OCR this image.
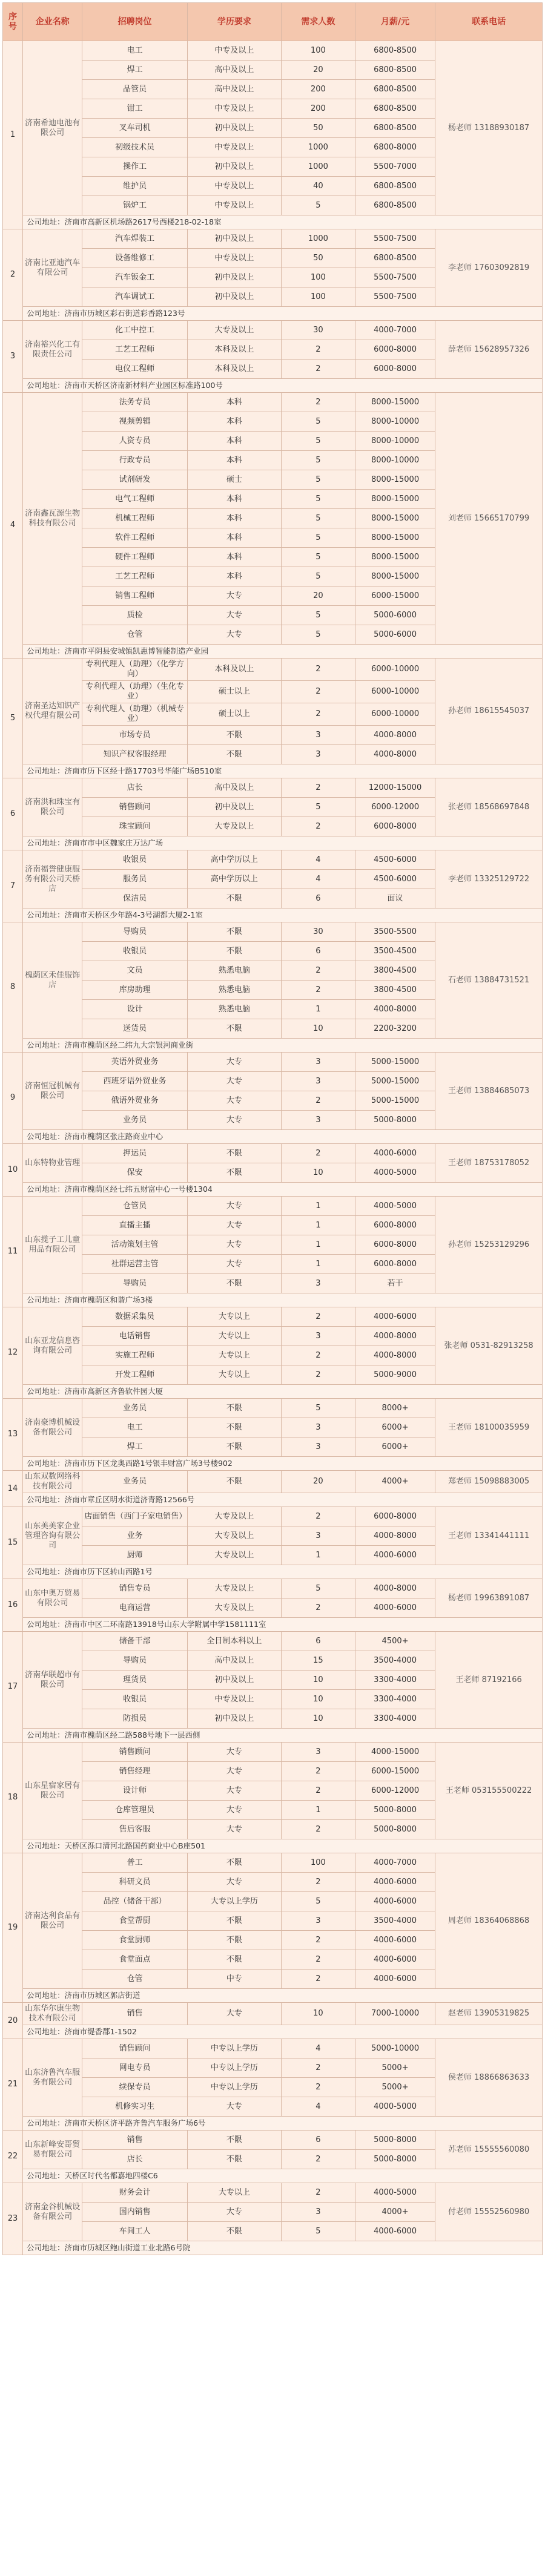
序号	企业名称	招聘岗位	学历要求	需求人数	月薪/元	联系电话
1	济南希迪电池有限公司	电工	中专及以上	100	6800-8500	杨老师 13188930187
		焊工	高中及以上	20	6800-8500	
		品管员	高中及以上	200	6800-8500	
		钳工	中专及以上	200	6800-8500	
		叉车司机	初中及以上	50	6800-8500	
		初级技术员	中专及以上	1000	6800-8000	
		操作工	初中及以上	1000	5500-7000	
		维护员	中专及以上	40	6800-8500	
		锅炉工	中专及以上	5	6800-8500	
	公司地址：济南市高新区机场路2617号西楼218-02-18室					
2	济南比亚迪汽车有限公司	汽车焊装工	初中及以上	1000	5500-7500	李老师 17603092819
		设备维修工	中专及以上	50	6800-8500	
		汽车钣金工	初中及以上	100	5500-7500	
		汽车调试工	初中及以上	100	5500-7500	
	公司地址：济南市历城区彩石街道彩香路123号					
3	济南裕兴化工有限责任公司	化工中控工	大专及以上	30	4000-7000	薛老师 15628957326
		工艺工程师	本科及以上	2	6000-8000	
		电仪工程师	本科及以上	2	6000-8000	
	公司地址：济南市天桥区济南新材料产业园区标准路100号					
4	济南鑫瓦源生物科技有限公司	法务专员	本科	2	8000-15000	刘老师 15665170799
		视频剪辑	本科	5	8000-10000	
		人资专员	本科	5	8000-10000	
		行政专员	本科	5	8000-10000	
		试剂研发	硕士	5	8000-15000	
		电气工程师	本科	5	8000-15000	
		机械工程师	本科	5	8000-15000	
		软件工程师	本科	5	8000-15000	
		硬件工程师	本科	5	8000-15000	
		工艺工程师	本科	5	8000-15000	
		销售工程师	大专	20	6000-15000	
		质检	大专	5	5000-6000	
		仓管	大专	5	5000-6000	
	公司地址：济南市平阴县安城镇凯惠博智能制造产业园					
5	济南圣达知识产权代理有限公司	专利代理人（助理）（化学方向）	本科及以上	2	6000-10000	孙老师 18615545037
		专利代理人（助理）（生化专业）	硕士以上	2	6000-10000	
		专利代理人（助理）（机械专业）	硕士以上	2	6000-10000	
		市场专员	不限	3	4000-8000	
		知识产权客服经理	不限	3	4000-8000	
	公司地址：济南市历下区经十路17703号华能广场B510室					
6	济南洪和珠宝有限公司	店长	高中及以上	2	12000-15000	张老师 18568697848
		销售顾问	初中及以上	5	6000-12000	
		珠宝顾问	大专及以上	2	6000-8000	
	公司地址：济南市市中区魏家庄万达广场					
7	济南福誉健康服务有限公司天桥店	收银员	高中学历以上	4	4500-6000	李老师 13325129722
		服务员	高中学历以上	4	4500-6000	
		保洁员	不限	6	面议	
	公司地址：济南市天桥区少年路4-3号湖都大厦2-1室					
8	槐荫区禾佳服饰店	导购员	不限	30	3500-5500	石老师 13884731521
		收银员	不限	6	3500-4500	
		文员	熟悉电脑	2	3800-4500	
		库房助理	熟悉电脑	2	3800-4500	
		设计	熟悉电脑	1	4000-8000	
		送货员	不限	10	2200-3200	
	公司地址：济南市槐荫区经二纬九大宗银河商业街					
9	济南恒冠机械有限公司	英语外贸业务	大专	3	5000-15000	王老师 13884685073
		西班牙语外贸业务	大专	3	5000-15000	
		俄语外贸业务	大专	2	5000-15000	
		业务员	大专	3	5000-8000	
	公司地址：济南市槐荫区张庄路商业中心					
10	山东特物业管理	押运员	不限	2	4000-6000	王老师 18753178052
		保安	不限	10	4000-5000	
	公司地址：济南市槐荫区经七纬五财富中心一号楼1304					
11	山东揽子工儿童用品有限公司	仓管员	大专	1	4000-5000	孙老师 15253129296
		直播主播	大专	1	6000-8000	
		活动策划主管	大专	1	6000-8000	
		社群运营主管	大专	1	6000-8000	
		导购员	不限	3	若干	
	公司地址：济南市槐荫区和谐广场3楼					
12	山东亚龙信息咨询有限公司	数据采集员	大专以上	2	4000-6000	张老师 0531-82913258
		电话销售	大专以上	3	4000-8000	
		实施工程师	大专以上	2	4000-8000	
		开发工程师	大专以上	2	5000-9000	
	公司地址：济南市高新区齐鲁软件园大厦					
13	济南豪博机械设备有限公司	业务员	不限	5	8000+	王老师 18100035959
		电工	不限	3	6000+	
		焊工	不限	3	6000+	
	公司地址：济南市历下区龙奥西路1号银丰财富广场3号楼902					
14	山东双数网络科技有限公司	业务员	不限	20	4000+	郑老师 15098883005
	公司地址：济南市章丘区明水街道济青路12566号					
15	山东美美家企业管理咨询有限公司	店面销售（西门子家电销售）	大专及以上	2	6000-8000	王老师 13341441111
		业务	大专及以上	3	4000-8000	
		厨师	大专及以上	1	4000-6000	
	公司地址：济南市历下区转山西路1号					
16	山东中奥万贸易有限公司	销售专员	大专及以上	5	4000-8000	杨老师 19963891087
		电商运营	大专及以上	2	4000-6000	
	公司地址：济南市中区二环南路13918号山东大学附属中学1581111室					
17	济南华联超市有限公司	储备干部	全日制本科以上	6	4500+	王老师 87192166
		导购员	高中及以上	15	3500-4000	
		理货员	初中及以上	10	3300-4000	
		收银员	中专及以上	10	3300-4000	
		防损员	初中及以上	10	3300-4000	
	公司地址：济南市槐荫区经二路588号地下一层西侧					
18	山东星宿家居有限公司	销售顾问	大专	3	4000-15000	王老师 053155500222
		销售经理	大专	2	6000-15000	
		设计师	大专	2	6000-12000	
		仓库管理员	大专	1	5000-8000	
		售后客服	大专	2	5000-8000	
	公司地址：天桥区泺口清河北路国药商业中心B座501					
19	济南达利食品有限公司	普工	不限	100	4000-7000	周老师 18364068868
		科研文员	大专	2	4000-6000	
		品控（储备干部）	大专以上学历	5	4000-6000	
		食堂帮厨	不限	3	3500-4000	
		食堂厨师	不限	2	4000-6000	
		食堂面点	不限	2	4000-6000	
		仓管	中专	2	4000-6000	
	公司地址：济南市历城区郭店街道					
20	山东华尔康生物技术有限公司	销售	大专	10	7000-10000	赵老师 13905319825
	公司地址：济南市缇香郡1-1502					
21	山东济鲁汽车服务有限公司	销售顾问	中专以上学历	4	5000-10000	侯老师 18866863633
		网电专员	中专以上学历	2	5000+	
		续保专员	中专以上学历	2	5000+	
		机修实习生	大专	4	4000-5000	
	公司地址：济南市天桥区济平路齐鲁汽车服务广场6号					
22	山东新峰安哥贸易有限公司	销售	不限	6	5000-8000	苏老师 15555560080
		店长	不限	2	5000-8000	
	公司地址：天桥区时代名都嘉地四楼C6					
23	济南金谷机械设备有限公司	财务会计	大专以上	2	4000-5000	付老师 15552560980
		国内销售	大专	3	4000+	
		车间工人	不限	5	4000-6000	
	公司地址：济南市历城区鲍山街道工业北路6号院					
